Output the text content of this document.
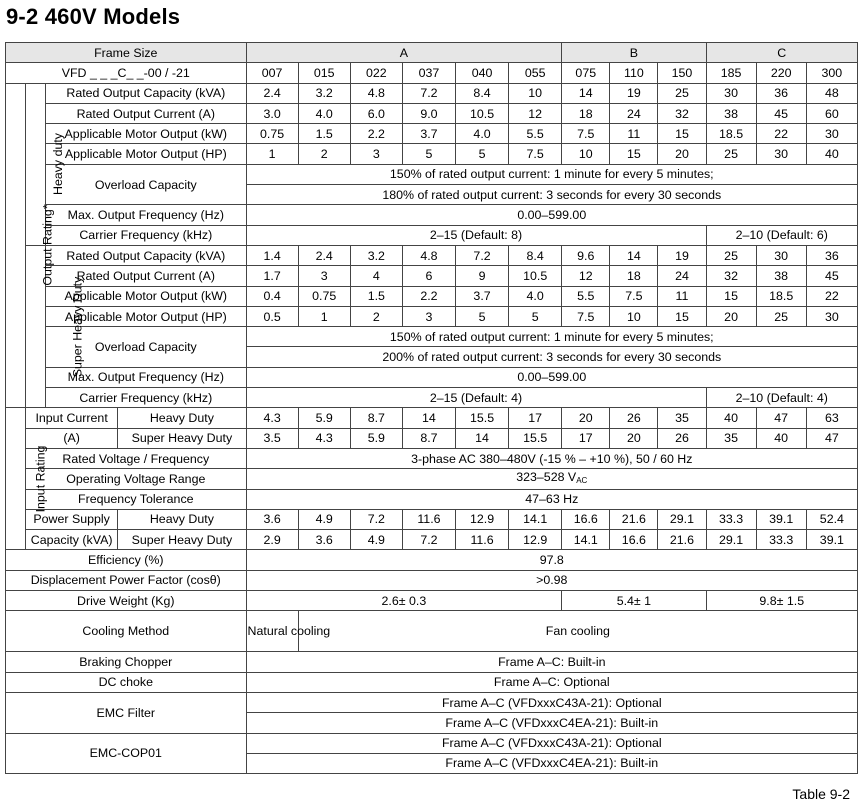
9-2 460V Models
Frame Size				A						B			C		
VFD _ _ _C_ _-00 / -21				007	015	022	037	040	055	075	110	150	185	220	300
Output Rating*	Heavy duty	Rated Output Capacity (kVA)		2.4	3.2	4.8	7.2	8.4	10	14	19	25	30	36	48
		Rated Output Current (A)		3.0	4.0	6.0	9.0	10.5	12	18	24	32	38	45	60
		Applicable Motor Output (kW)		0.75	1.5	2.2	3.7	4.0	5.5	7.5	11	15	18.5	22	30
		Applicable Motor Output (HP)		1	2	3	5	5	7.5	10	15	20	25	30	40
		Overload Capacity		150% of rated output current: 1 minute for every 5 minutes;											
				180% of rated output current: 3 seconds for every 30 seconds											
		Max. Output Frequency (Hz)		0.00–599.00											
		Carrier Frequency (kHz)		2–15 (Default: 8)									2–10 (Default: 6)		
	Super Heavy Duty	Rated Output Capacity (kVA)		1.4	2.4	3.2	4.8	7.2	8.4	9.6	14	19	25	30	36
		Rated Output Current (A)		1.7	3	4	6	9	10.5	12	18	24	32	38	45
		Applicable Motor Output (kW)		0.4	0.75	1.5	2.2	3.7	4.0	5.5	7.5	11	15	18.5	22
		Applicable Motor Output (HP)		0.5	1	2	3	5	5	7.5	10	15	20	25	30
		Overload Capacity		150% of rated output current: 1 minute for every 5 minutes;											
				200% of rated output current: 3 seconds for every 30 seconds											
		Max. Output Frequency (Hz)		0.00–599.00											
		Carrier Frequency (kHz)		2–15 (Default: 4)									2–10 (Default: 4)		
Input Rating	Input Current		Heavy Duty	4.3	5.9	8.7	14	15.5	17	20	26	35	40	47	63
	(A)		Super Heavy Duty	3.5	4.3	5.9	8.7	14	15.5	17	20	26	35	40	47
	Rated Voltage / Frequency			3-phase AC 380–480V (-15 % – +10 %), 50 / 60 Hz											
	Operating Voltage Range			323–528 $V_{AC}$
	Frequency Tolerance			47–63 Hz											
	Power Supply		Heavy Duty	3.6	4.9	7.2	11.6	12.9	14.1	16.6	21.6	29.1	33.3	39.1	52.4
	Capacity (kVA)		Super Heavy Duty	2.9	3.6	4.9	7.2	11.6	12.9	14.1	16.6	21.6	29.1	33.3	39.1
Efficiency (%)				97.8											
Displacement Power Factor (cosθ)				>0.98											
Drive Weight (Kg)				2.6± 0.3						5.4± 1			9.8± 1.5		
Cooling Method				Natural cooling	Fan cooling										
Braking Chopper				Frame A–C: Built-in											
DC choke				Frame A–C: Optional											
EMC Filter				Frame A–C (VFDxxxC43A-21): Optional											
				Frame A–C (VFDxxxC4EA-21): Built-in											
EMC-COP01				Frame A–C (VFDxxxC43A-21): Optional											
				Frame A–C (VFDxxxC4EA-21): Built-in											
Table 9-2
